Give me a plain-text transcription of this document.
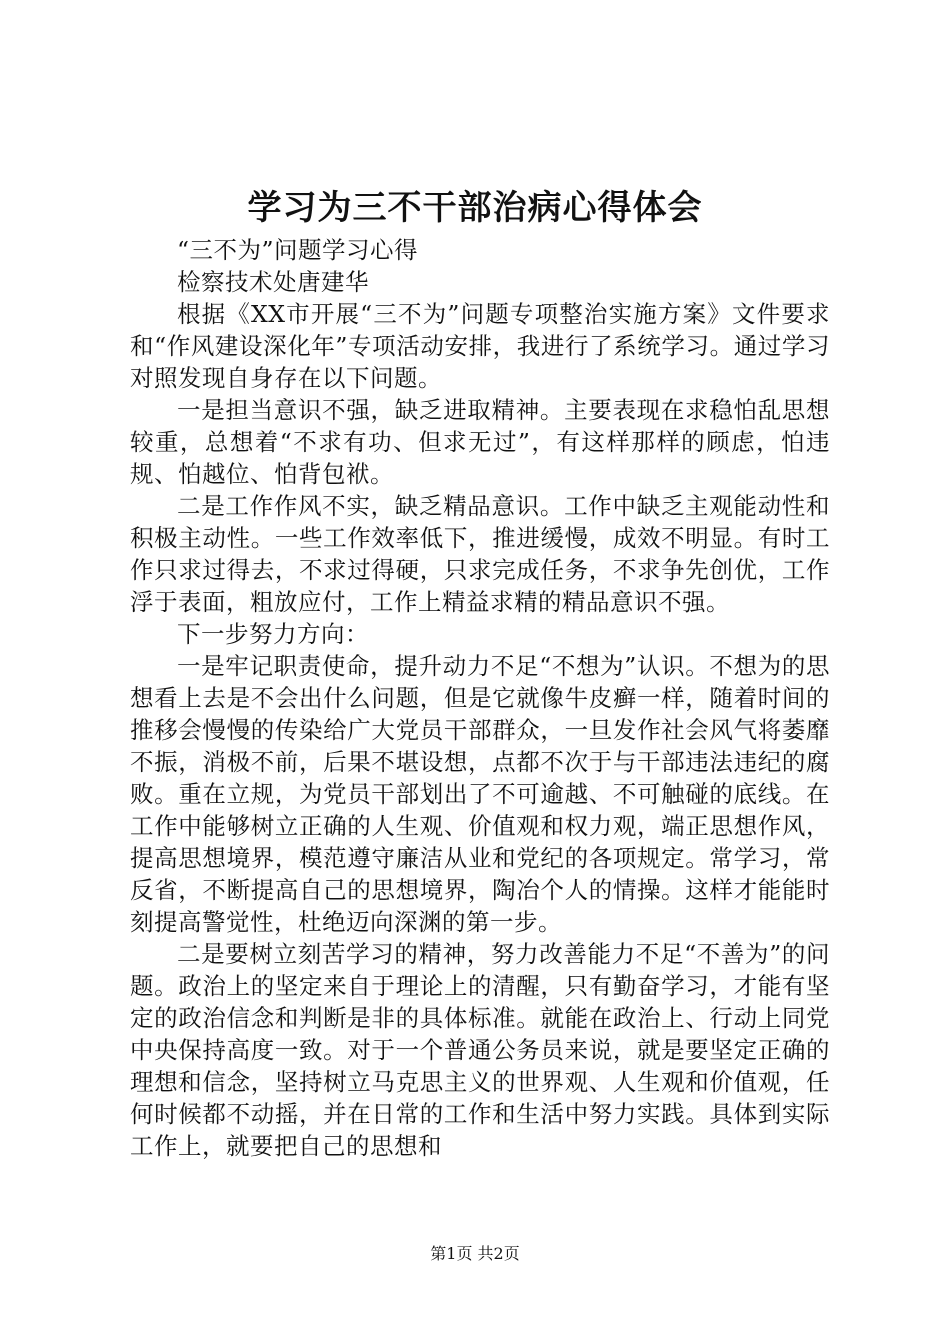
学习为三不干部治病心得体会

“三不为”问题学习心得

检察技术处唐建华

根据《XX市开展“三不为”问题专项整治实施方案》文件要求和“作风建设深化年”专项活动安排，我进行了系统学习。通过学习对照发现自身存在以下问题。

一是担当意识不强，缺乏进取精神。主要表现在求稳怕乱思想较重，总想着“不求有功、但求无过”，有这样那样的顾虑，怕违规、怕越位、怕背包袱。

二是工作作风不实，缺乏精品意识。工作中缺乏主观能动性和积极主动性。一些工作效率低下，推进缓慢，成效不明显。有时工作只求过得去，不求过得硬，只求完成任务，不求争先创优，工作浮于表面，粗放应付，工作上精益求精的精品意识不强。

下一步努力方向：

一是牢记职责使命，提升动力不足“不想为”认识。不想为的思想看上去是不会出什么问题，但是它就像牛皮癣一样，随着时间的推移会慢慢的传染给广大党员干部群众，一旦发作社会风气将萎靡不振，消极不前，后果不堪设想，点都不次于与干部违法违纪的腐败。重在立规，为党员干部划出了不可逾越、不可触碰的底线。在工作中能够树立正确的人生观、价值观和权力观，端正思想作风，提高思想境界，模范遵守廉洁从业和党纪的各项规定。常学习，常反省，不断提高自己的思想境界，陶冶个人的情操。这样才能能时刻提高警觉性，杜绝迈向深渊的第一步。

二是要树立刻苦学习的精神，努力改善能力不足“不善为”的问题。政治上的坚定来自于理论上的清醒，只有勤奋学习，才能有坚定的政治信念和判断是非的具体标准。就能在政治上、行动上同党中央保持高度一致。对于一个普通公务员来说，就是要坚定正确的理想和信念，坚持树立马克思主义的世界观、人生观和价值观，任何时候都不动摇，并在日常的工作和生活中努力实践。具体到实际工作上，就要把自己的思想和

第1页 共2页
